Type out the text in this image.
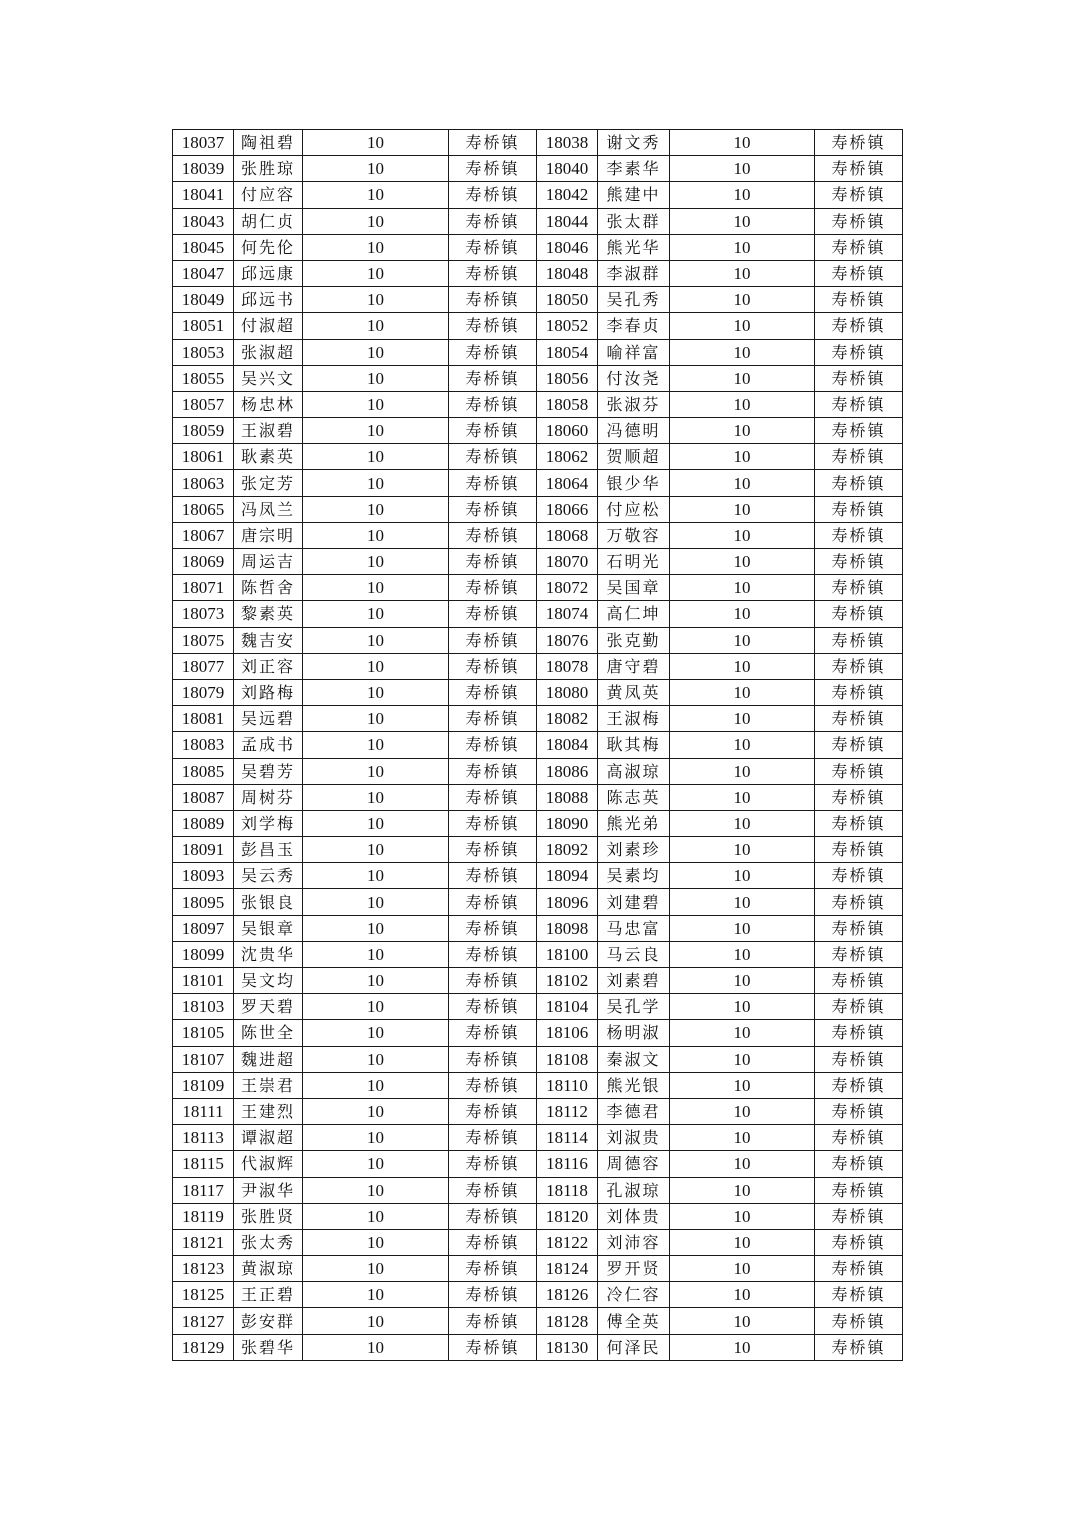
18037	陶祖碧	10	寿桥镇	18038	谢文秀	10	寿桥镇
18039	张胜琼	10	寿桥镇	18040	李素华	10	寿桥镇
18041	付应容	10	寿桥镇	18042	熊建中	10	寿桥镇
18043	胡仁贞	10	寿桥镇	18044	张太群	10	寿桥镇
18045	何先伦	10	寿桥镇	18046	熊光华	10	寿桥镇
18047	邱远康	10	寿桥镇	18048	李淑群	10	寿桥镇
18049	邱远书	10	寿桥镇	18050	吴孔秀	10	寿桥镇
18051	付淑超	10	寿桥镇	18052	李春贞	10	寿桥镇
18053	张淑超	10	寿桥镇	18054	喻祥富	10	寿桥镇
18055	吴兴文	10	寿桥镇	18056	付汝尧	10	寿桥镇
18057	杨忠林	10	寿桥镇	18058	张淑芬	10	寿桥镇
18059	王淑碧	10	寿桥镇	18060	冯德明	10	寿桥镇
18061	耿素英	10	寿桥镇	18062	贺顺超	10	寿桥镇
18063	张定芳	10	寿桥镇	18064	银少华	10	寿桥镇
18065	冯凤兰	10	寿桥镇	18066	付应松	10	寿桥镇
18067	唐宗明	10	寿桥镇	18068	万敬容	10	寿桥镇
18069	周运吉	10	寿桥镇	18070	石明光	10	寿桥镇
18071	陈哲舍	10	寿桥镇	18072	吴国章	10	寿桥镇
18073	黎素英	10	寿桥镇	18074	高仁坤	10	寿桥镇
18075	魏吉安	10	寿桥镇	18076	张克勤	10	寿桥镇
18077	刘正容	10	寿桥镇	18078	唐守碧	10	寿桥镇
18079	刘路梅	10	寿桥镇	18080	黄凤英	10	寿桥镇
18081	吴远碧	10	寿桥镇	18082	王淑梅	10	寿桥镇
18083	孟成书	10	寿桥镇	18084	耿其梅	10	寿桥镇
18085	吴碧芳	10	寿桥镇	18086	高淑琼	10	寿桥镇
18087	周树芬	10	寿桥镇	18088	陈志英	10	寿桥镇
18089	刘学梅	10	寿桥镇	18090	熊光弟	10	寿桥镇
18091	彭昌玉	10	寿桥镇	18092	刘素珍	10	寿桥镇
18093	吴云秀	10	寿桥镇	18094	吴素均	10	寿桥镇
18095	张银良	10	寿桥镇	18096	刘建碧	10	寿桥镇
18097	吴银章	10	寿桥镇	18098	马忠富	10	寿桥镇
18099	沈贵华	10	寿桥镇	18100	马云良	10	寿桥镇
18101	吴文均	10	寿桥镇	18102	刘素碧	10	寿桥镇
18103	罗天碧	10	寿桥镇	18104	吴孔学	10	寿桥镇
18105	陈世全	10	寿桥镇	18106	杨明淑	10	寿桥镇
18107	魏进超	10	寿桥镇	18108	秦淑文	10	寿桥镇
18109	王崇君	10	寿桥镇	18110	熊光银	10	寿桥镇
18111	王建烈	10	寿桥镇	18112	李德君	10	寿桥镇
18113	谭淑超	10	寿桥镇	18114	刘淑贵	10	寿桥镇
18115	代淑辉	10	寿桥镇	18116	周德容	10	寿桥镇
18117	尹淑华	10	寿桥镇	18118	孔淑琼	10	寿桥镇
18119	张胜贤	10	寿桥镇	18120	刘体贵	10	寿桥镇
18121	张太秀	10	寿桥镇	18122	刘沛容	10	寿桥镇
18123	黄淑琼	10	寿桥镇	18124	罗开贤	10	寿桥镇
18125	王正碧	10	寿桥镇	18126	冷仁容	10	寿桥镇
18127	彭安群	10	寿桥镇	18128	傅全英	10	寿桥镇
18129	张碧华	10	寿桥镇	18130	何泽民	10	寿桥镇
